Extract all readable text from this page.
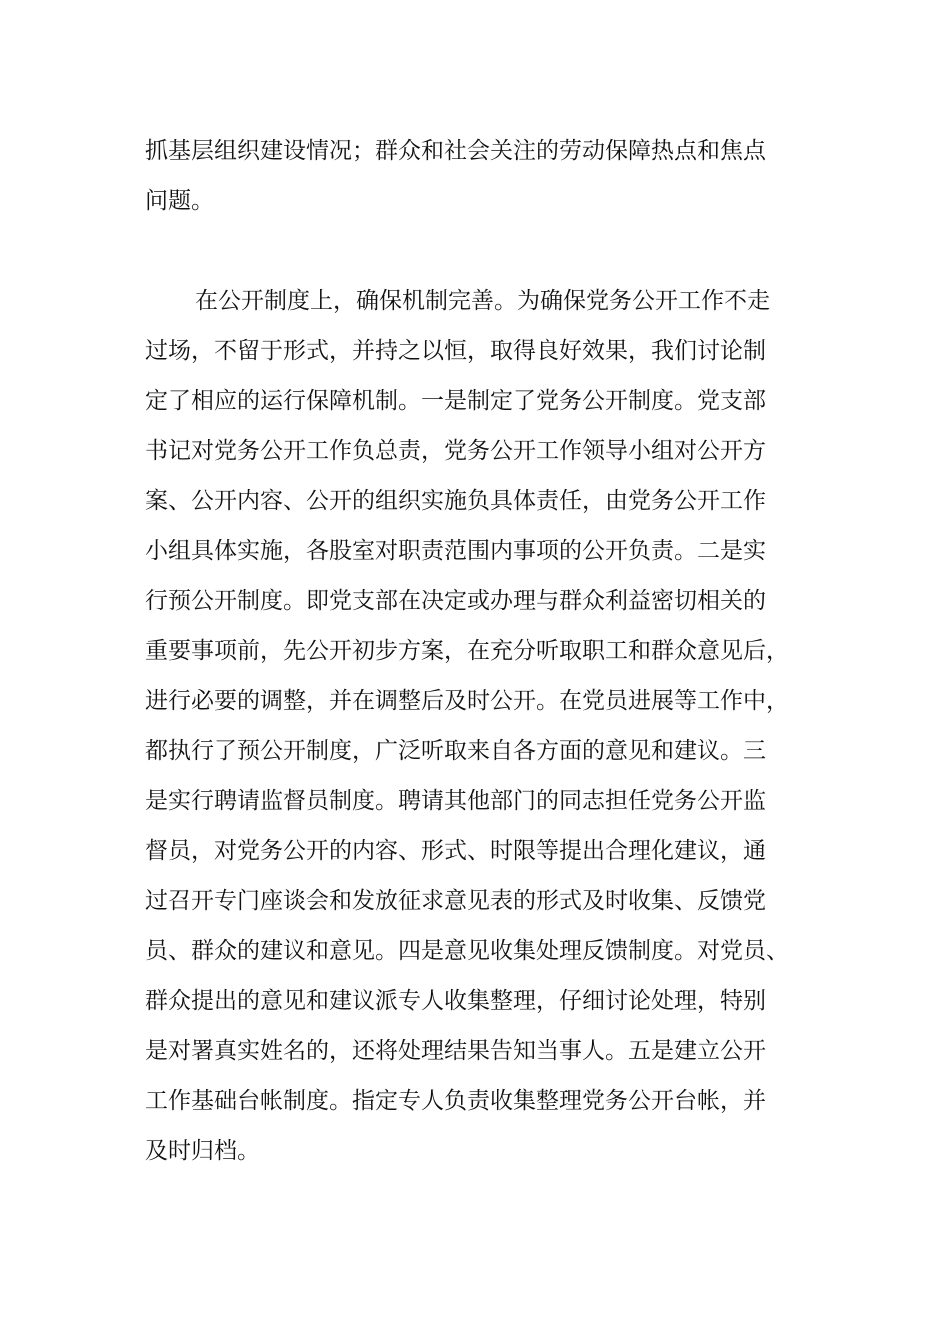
抓基层组织建设情况；群众和社会关注的劳动保障热点和焦点
问题。
在公开制度上，确保机制完善。为确保党务公开工作不走
过场，不留于形式，并持之以恒，取得良好效果，我们讨论制
定了相应的运行保障机制。一是制定了党务公开制度。党支部
书记对党务公开工作负总责，党务公开工作领导小组对公开方
案、公开内容、公开的组织实施负具体责任，由党务公开工作
小组具体实施，各股室对职责范围内事项的公开负责。二是实
行预公开制度。即党支部在决定或办理与群众利益密切相关的
重要事项前，先公开初步方案，在充分听取职工和群众意见后，
进行必要的调整，并在调整后及时公开。在党员进展等工作中，
都执行了预公开制度，广泛听取来自各方面的意见和建议。三
是实行聘请监督员制度。聘请其他部门的同志担任党务公开监
督员，对党务公开的内容、形式、时限等提出合理化建议，通
过召开专门座谈会和发放征求意见表的形式及时收集、反馈党
员、群众的建议和意见。四是意见收集处理反馈制度。对党员、
群众提出的意见和建议派专人收集整理，仔细讨论处理，特别
是对署真实姓名的，还将处理结果告知当事人。五是建立公开
工作基础台帐制度。指定专人负责收集整理党务公开台帐，并
及时归档。
